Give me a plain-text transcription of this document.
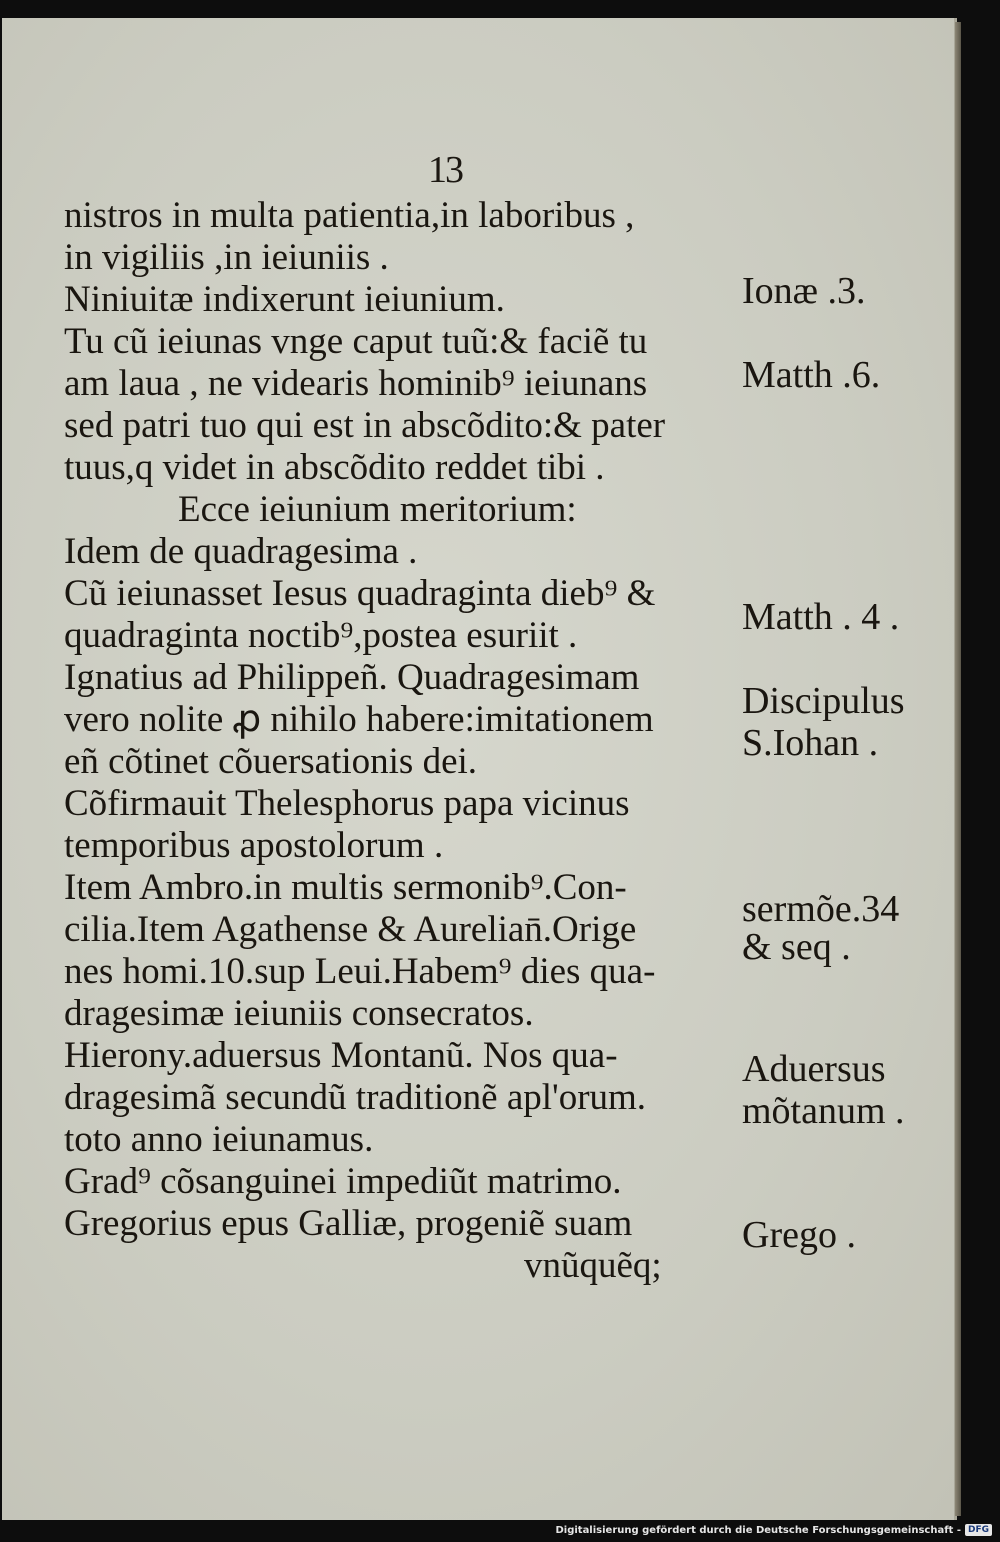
13
nistros in multa patientia,in laboribus ,
in vigiliis ,in ieiuniis .
Niniuitæ indixerunt ieiunium.
Tu cũ ieiunas vnge caput tuũ:& faciẽ tu
am laua , ne videaris hominib⁹ ieiunans
sed patri tuo qui est in abscõdito:& pater
tuus,q videt in abscõdito reddet tibi .
Ecce ieiunium meritorium:
Idem de quadragesima .
Cũ ieiunasset Iesus quadraginta dieb⁹ &
quadraginta noctib⁹,postea esuriit .
Ignatius ad Philippeñ. Quadragesimam
vero nolite ꝓ nihilo habere:imitationem
eñ cõtinet cõuersationis dei.
Cõfirmauit Thelesphorus papa vicinus
temporibus apostolorum .
Item Ambro.in multis sermonib⁹.Con-
cilia.Item Agathense & Aurelian̄.Orige
nes homi.10.sup Leui.Habem⁹ dies qua-
dragesimæ ieiuniis consecratos.
Hierony.aduersus Montanũ. Nos qua-
dragesimã secundũ traditionẽ apl'orum.
toto anno ieiunamus.
Grad⁹ cõsanguinei impediũt matrimo.
Gregorius epus Galliæ, progeniẽ suam
vnũquẽq;
Ionæ .3.
Matth .6.
Matth . 4 .
Discipulus
S.Iohan .
sermõe.34
& seq .
Aduersus
mõtanum .
Grego .
Digitalisierung gefördert durch die Deutsche Forschungsgemeinschaft - DFG
